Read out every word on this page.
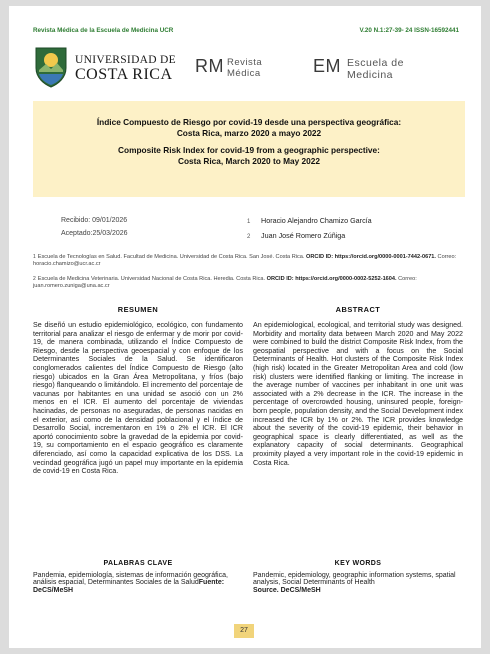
Revista Médica de la Escuela de Medicina UCR	V.20 N.1:27-39- 24 ISSN-16592441
UNIVERSIDAD DE
COSTA RICA RM Revista
Médica	EM Escuela de
Medicina

Índice Compuesto de Riesgo por covid-19 desde una perspectiva geográfica:
Costa Rica, marzo 2020 a mayo 2022

Composite Risk Index for covid-19 from a geographic perspective:
Costa Rica, March 2020 to May 2022

Recibido: 09/01/2026
Aceptado:25/03/2026
1 Horacio Alejandro Chamizo García
2 Juan José Romero Zúñiga
1 Escuela de Tecnologías en Salud. Facultad de Medicina. Universidad de Costa Rica. San José. Costa Rica. ORCID ID: https://orcid.org/0000-0001-7442-0671. Correo: horacio.chamizo@ucr.ac.cr
2 Escuela de Medicina Veterinaria. Universidad Nacional de Costa Rica. Heredia. Costa Rica. ORCID ID: https://orcid.org/0000-0002-5252-1604. Correo: juan.romero.zuniga@una.ac.cr
RESUMEN

Se diseñó un estudio epidemiológico, ecológico, con fundamento territorial para analizar el riesgo de enfermar y de morir por covid-19, de manera combinada, utilizando el Índice Compuesto de Riesgo, desde la perspectiva geoespacial y con enfoque de los Determinantes Sociales de la Salud. Se identificaron conglomerados calientes del Índice Compuesto de Riesgo (alto riesgo) ubicados en la Gran Área Metropolitana, y fríos (bajo riesgo) flanqueando o limitándolo. El incremento del porcentaje de vacunas por habitantes en una unidad se asoció con un 2% menos en el ICR. El aumento del porcentaje de viviendas hacinadas, de personas no aseguradas, de personas nacidas en el exterior, así como de la densidad poblacional y el índice de Desarrollo Social, incrementaron en 1% o 2% el ICR. El ICR aportó conocimiento sobre la gravedad de la epidemia por covid-19, su comportamiento en el espacio geográfico es claramente diferenciado, así como la capacidad explicativa de los DSS. La vecindad geográfica jugó un papel muy importante en la epidemia de covid-19 en Costa Rica.

ABSTRACT

An epidemiological, ecological, and territorial study was designed. Morbidity and mortality data between March 2020 and May 2022 were combined to build the district Composite Risk Index, from the geospatial perspective and with a focus on the Social Determinants of Health. Hot clusters of the Composite Risk Index (high risk) located in the Greater Metropolitan Area and cold (low risk) clusters were identified flanking or limiting. The increase in the average number of vaccines per inhabitant in one unit was associated with a 2% decrease in the ICR. The increase in the percentage of overcrowded housing, uninsured people, foreign-born people, population density, and the Social Development index increased the ICR by 1% or 2%. The ICR provides knowledge about the severity of the covid-19 epidemic, their behavior in geographical space is clearly differentiated, as well as the explanatory capacity of social determinants. Geographical proximity played a very important role in the covid-19 epidemic in Costa Rica.

PALABRAS CLAVE

Pandemia, epidemiología, sistemas de información geográfica, análisis espacial, Determinantes Sociales de la SaludFuente: DeCS/MeSH

KEY WORDS

Pandemic, epidemiology, geographic information systems, spatial analysis, Social Determinants of Health

Source. DeCS/MeSH

27
